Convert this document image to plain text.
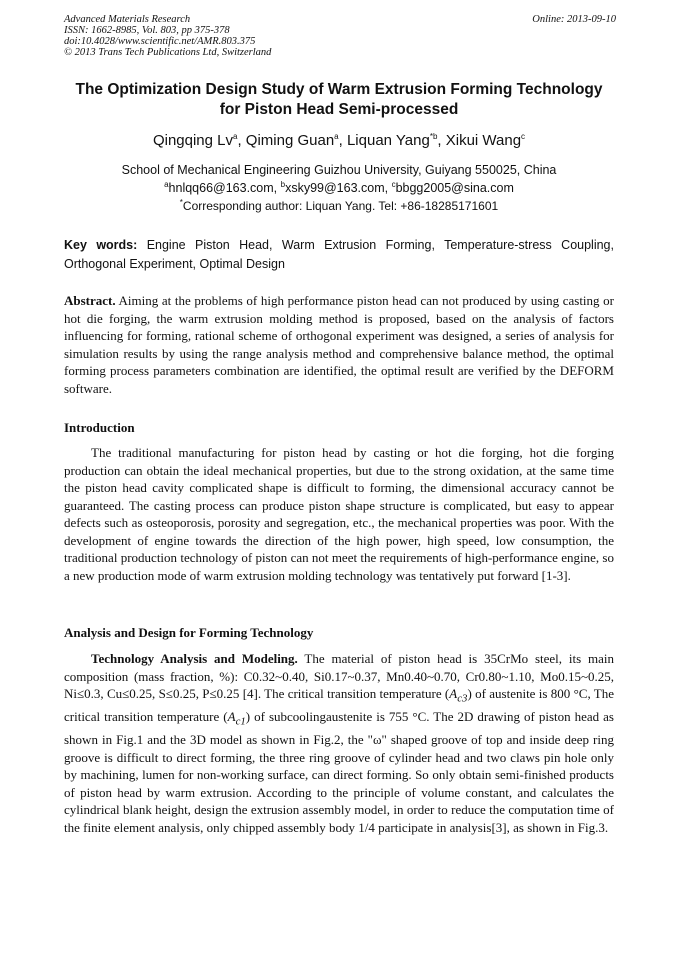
Advanced Materials Research
ISSN: 1662-8985, Vol. 803, pp 375-378
doi:10.4028/www.scientific.net/AMR.803.375
© 2013 Trans Tech Publications Ltd, Switzerland
Online: 2013-09-10
The Optimization Design Study of Warm Extrusion Forming Technology
for Piston Head Semi-processed
Qingqing Lv$^a$, Qiming Guan$^a$, Liquan Yang$^{*b}$, Xikui Wang$^c$
School of Mechanical Engineering Guizhou University, Guiyang 550025, China
$^a$hnlqq66@163.com, $^b$xsky99@163.com, $^c$bbgg2005@sina.com
*Corresponding author: Liquan Yang. Tel: +86-18285171601
Key words: Engine Piston Head, Warm Extrusion Forming, Temperature-stress Coupling, Orthogonal Experiment, Optimal Design

Abstract. Aiming at the problems of high performance piston head can not produced by using casting or hot die forging, the warm extrusion molding method is proposed, based on the analysis of factors influencing for forming, rational scheme of orthogonal experiment was designed, a series of analysis for simulation results by using the range analysis method and comprehensive balance method, the optimal forming process parameters combination are identified, the optimal result are verified by the DEFORM software.

Introduction

The traditional manufacturing for piston head by casting or hot die forging, hot die forging production can obtain the ideal mechanical properties, but due to the strong oxidation, at the same time the piston head cavity complicated shape is difficult to forming, the dimensional accuracy cannot be guaranteed. The casting process can produce piston shape structure is complicated, but easy to appear defects such as osteoporosis, porosity and segregation, etc., the mechanical properties was poor. With the development of engine towards the direction of the high power, high speed, low consumption, the traditional production technology of piston can not meet the requirements of high-performance engine, so a new production mode of warm extrusion molding technology was tentatively put forward [1-3].

Analysis and Design for Forming Technology

Technology Analysis and Modeling. The material of piston head is 35CrMo steel, its main composition (mass fraction, %): C0.32~0.40, Si0.17~0.37, Mn0.40~0.70, Cr0.80~1.10, Mo0.15~0.25, Ni≤0.3, Cu≤0.25, S≤0.25, P≤0.25 [4]. The critical transition temperature $(A_{c3})$ of austenite is 800 °C, The critical transition temperature $(A_{c1})$ of subcoolingaustenite is 755 °C. The 2D drawing of piston head as shown in Fig.1 and the 3D model as shown in Fig.2, the "ω" shaped groove of top and inside deep ring groove is difficult to direct forming, the three ring groove of cylinder head and two claws pin hole only by machining, lumen for non-working surface, can direct forming. So only obtain semi-finished products of piston head by warm extrusion. According to the principle of volume constant, and calculates the cylindrical blank height, design the extrusion assembly model, in order to reduce the computation time of the finite element analysis, only chipped assembly body 1/4 participate in analysis[3], as shown in Fig.3.
